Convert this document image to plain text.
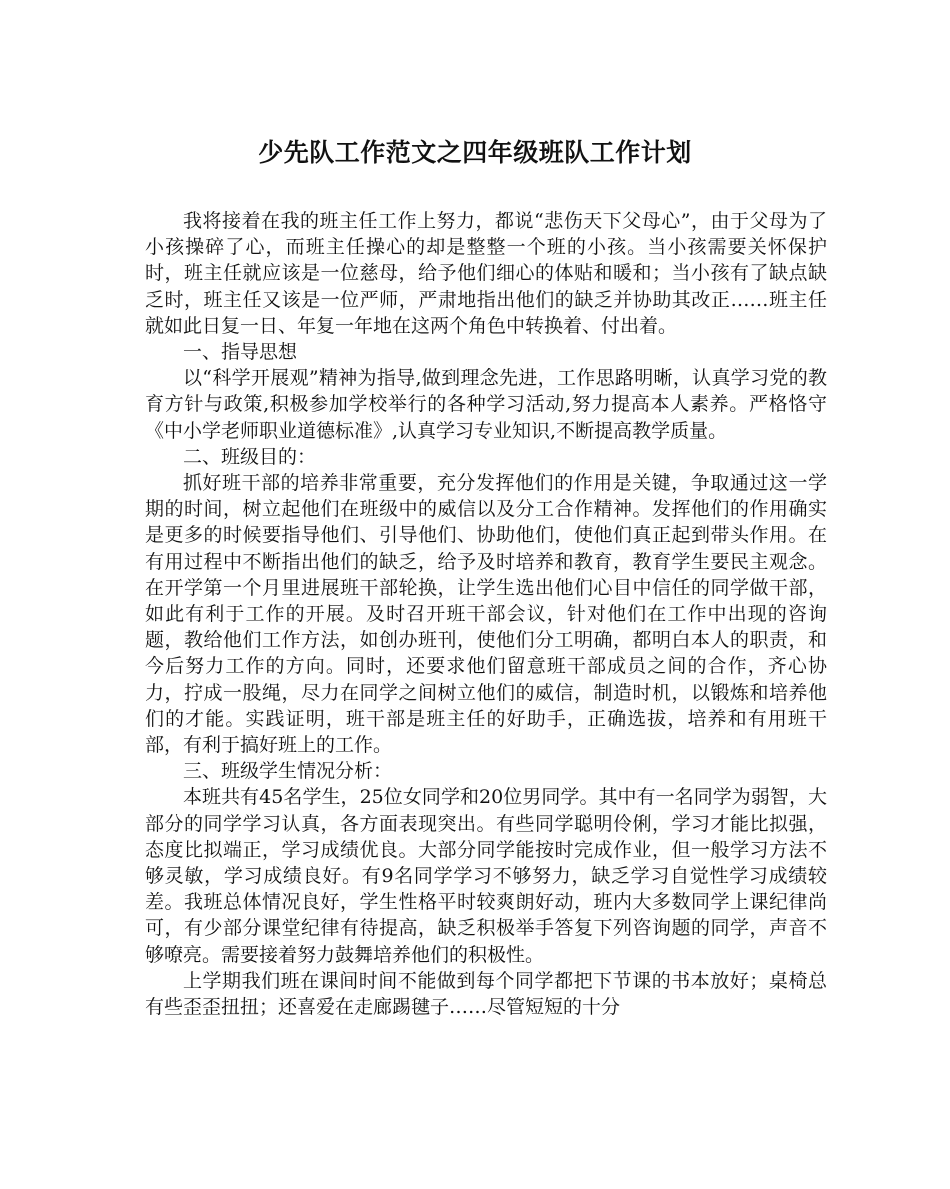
少先队工作范文之四年级班队工作计划

我将接着在我的班主任工作上努力，都说“悲伤天下父母心”，由于父母为了小孩操碎了心，而班主任操心的却是整整一个班的小孩。当小孩需要关怀保护时，班主任就应该是一位慈母，给予他们细心的体贴和暖和；当小孩有了缺点缺乏时，班主任又该是一位严师，严肃地指出他们的缺乏并协助其改正……班主任就如此日复一日、年复一年地在这两个角色中转换着、付出着。

一、指导思想

以“科学开展观”精神为指导,做到理念先进，工作思路明晰，认真学习党的教育方针与政策,积极参加学校举行的各种学习活动,努力提高本人素养。严格恪守《中小学老师职业道德标准》,认真学习专业知识,不断提高教学质量。

二、班级目的：

抓好班干部的培养非常重要，充分发挥他们的作用是关键，争取通过这一学期的时间，树立起他们在班级中的威信以及分工合作精神。发挥他们的作用确实是更多的时候要指导他们、引导他们、协助他们，使他们真正起到带头作用。在有用过程中不断指出他们的缺乏，给予及时培养和教育，教育学生要民主观念。在开学第一个月里进展班干部轮换，让学生选出他们心目中信任的同学做干部，如此有利于工作的开展。及时召开班干部会议，针对他们在工作中出现的咨询题，教给他们工作方法，如创办班刊，使他们分工明确，都明白本人的职责，和今后努力工作的方向。同时，还要求他们留意班干部成员之间的合作，齐心协力，拧成一股绳，尽力在同学之间树立他们的威信，制造时机，以锻炼和培养他们的才能。实践证明，班干部是班主任的好助手，正确选拔，培养和有用班干部，有利于搞好班上的工作。

三、班级学生情况分析：

本班共有45名学生，25位女同学和20位男同学。其中有一名同学为弱智，大部分的同学学习认真，各方面表现突出。有些同学聪明伶俐，学习才能比拟强，态度比拟端正，学习成绩优良。大部分同学能按时完成作业，但一般学习方法不够灵敏，学习成绩良好。有9名同学学习不够努力，缺乏学习自觉性学习成绩较差。我班总体情况良好，学生性格平时较爽朗好动，班内大多数同学上课纪律尚可，有少部分课堂纪律有待提高，缺乏积极举手答复下列咨询题的同学，声音不够嘹亮。需要接着努力鼓舞培养他们的积极性。

上学期我们班在课间时间不能做到每个同学都把下节课的书本放好；桌椅总有些歪歪扭扭；还喜爱在走廊踢毽子……尽管短短的十分
